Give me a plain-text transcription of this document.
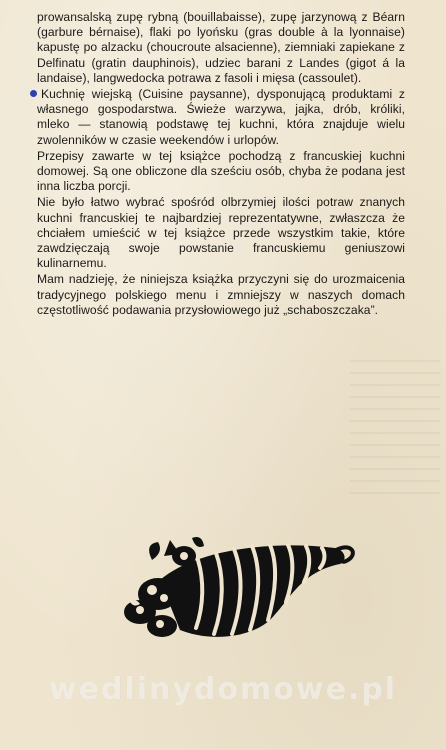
prowansalską zupę rybną (bouillabaisse), zupę jarzynową z Béarn (garbure bérnaise), flaki po lyońsku (gras double à la lyonnaise) kapustę po alzacku (choucroute alsacienne), ziemniaki zapiekane z Delfinatu (gratin dauphinois), udziec barani z Landes (gigot á la landaise), langwedocka potrawa z fasoli i mięsa (cassoulet).

Kuchnię wiejską (Cuisine paysanne), dysponującą produktami z własnego gospodarstwa. Świeże warzywa, jajka, drób, króliki, mleko — stanowią podstawę tej kuchni, która znajduje wielu zwolenników w czasie weekendów i urlopów.

Przepisy zawarte w tej książce pochodzą z francuskiej kuchni domowej. Są one obliczone dla sześciu osób, chyba że podana jest inna liczba porcji.

Nie było łatwo wybrać spośród olbrzymiej ilości potraw znanych kuchni francuskiej te najbardziej reprezentatywne, zwłaszcza że chciałem umieścić w tej książce przede wszystkim takie, które zawdzięczają swoje powstanie francuskiemu geniuszowi kulinarnemu.

Mam nadzieję, że niniejsza książka przyczyni się do urozmaicenia tradycyjnego polskiego menu i zmniejszy w naszych domach częstotliwość podawania przysłowiowego już „schaboszczaka”.

wedlinydomowe.pl
